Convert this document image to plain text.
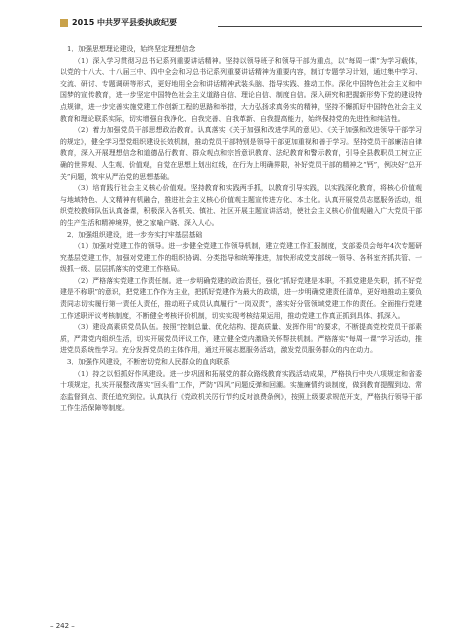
2015 中共罗平县委执政纪要

1．加强思想理论建设，始终坚定理想信念

（1）深入学习贯彻习总书记系列重要讲话精神。坚持以领导班子和领导干部为重点，以“每周一课”为学习载体，以党的十八大、十八届三中、四中全会和习总书记系列重要讲话精神为重要内容，制订专题学习计划，通过集中学习、交流、研讨、专题调研等形式，更好地用全会和讲话精神武装头脑、指导实践、推动工作。深化中国特色社会主义和中国梦的宣传教育，进一步坚定中国特色社会主义道路自信、理论自信、制度自信。深入研究和把握新形势下党的建设特点规律，进一步完善实施党建工作创新工程的思路和举措，大力弘扬求真务实的精神，坚持不懈抓好中国特色社会主义教育和理论联系实际，切实增强自我净化、自我完善、自我革新、自我提高能力，始终保持党的先进性和纯洁性。

（2）着力加强党员干部思想政治教育。认真落实《关于加强和改进学风的意见》、《关于加强和改进领导干部学习的规定》，健全学习型党组织建设长效机制，推动党员干部特别是领导干部更加重视和善于学习。坚持党员干部廉洁自律教育，深入开展理想信念和道德品行教育、群众观点和宗旨意识教育、法纪教育和警示教育，引导全县教职员工树立正确的世界观、人生观、价值观，自觉在思想上划出红线，在行为上明确界限，补好党员干部的精神之“钙”，例决好“总开关”问题，筑牢从严治党的思想基础。

（3）培育践行社会主义核心价值观。坚持教育和实践两手抓，以教育引导实践，以实践深化教育，将核心价值观与地域特色、人文精神有机融合，推进社会主义核心价值观主题宣传进方化、本土化。认真开展党员志愿服务活动，组织党校教师队伍认真备课，积极深入各机关、镇社、社区开展主题宣讲活动，使社会主义核心价值观融入广大党员干部的生产生活和精神境界，使之家喻户晓、深入人心。

2．加强组织建设，进一步夯实打牢基层基础

（1）加强对党建工作的领导。进一步健全党建工作领导机制，建立党建工作汇报制度，支部委员会每年4次专题研究基层党建工作，加强对党建工作的组织协调、分类指导和统筹推进，加快形成党支部统一领导、各科室齐抓共管、一级抓一级、层层抓落实的党建工作格局。

（2）严格落实党建工作责任制。进一步明确党建的政治责任，强化“抓好党建是本职，不抓党建是失职，抓不好党建是不称职”的意识，把党建工作作为主业，把抓好党建作为最大的政绩，进一步明确党建责任清单，更好地推动主要负责同志切实履行第一责任人责任，推动班子成员认真履行“一岗双责”，落实好分管领域党建工作的责任。全面推行党建工作述职评议考核制度，不断健全考核评价机制，切实实现考核结果运用，推动党建工作真正抓到具体、抓深入。

（3）建设高素质党员队伍。按照“控制总量、优化结构、提高质量、发挥作用”的要求，不断提高党校党员干部素质，严肃党内组织生活，切实开展党员评议工作，建立健全党内激励关怀帮扶机制。严格落实“每周一课”学习活动，推进党员系统性学习。充分发挥党员的主体作用，通过开展志愿服务活动，激发党员服务群众的内在动力。

3．加强作风建设，不断密切党和人民群众的血肉联系

（1）持之以恒抓好作风建设。进一步巩固和拓展党的群众路线教育实践活动成果，严格执行中央八项规定和省委十项规定，扎实开展整改落实“回头看”工作，严防“四风”问题反弹和回潮。实施廉情约谈制度，做到教育提醒到边、常态监督到点、责任追究到位。认真执行《党政机关厉行节约反对浪费条例》，按照上级要求规范开支，严格执行领导干部工作生活保障等制度。

– 242 –
